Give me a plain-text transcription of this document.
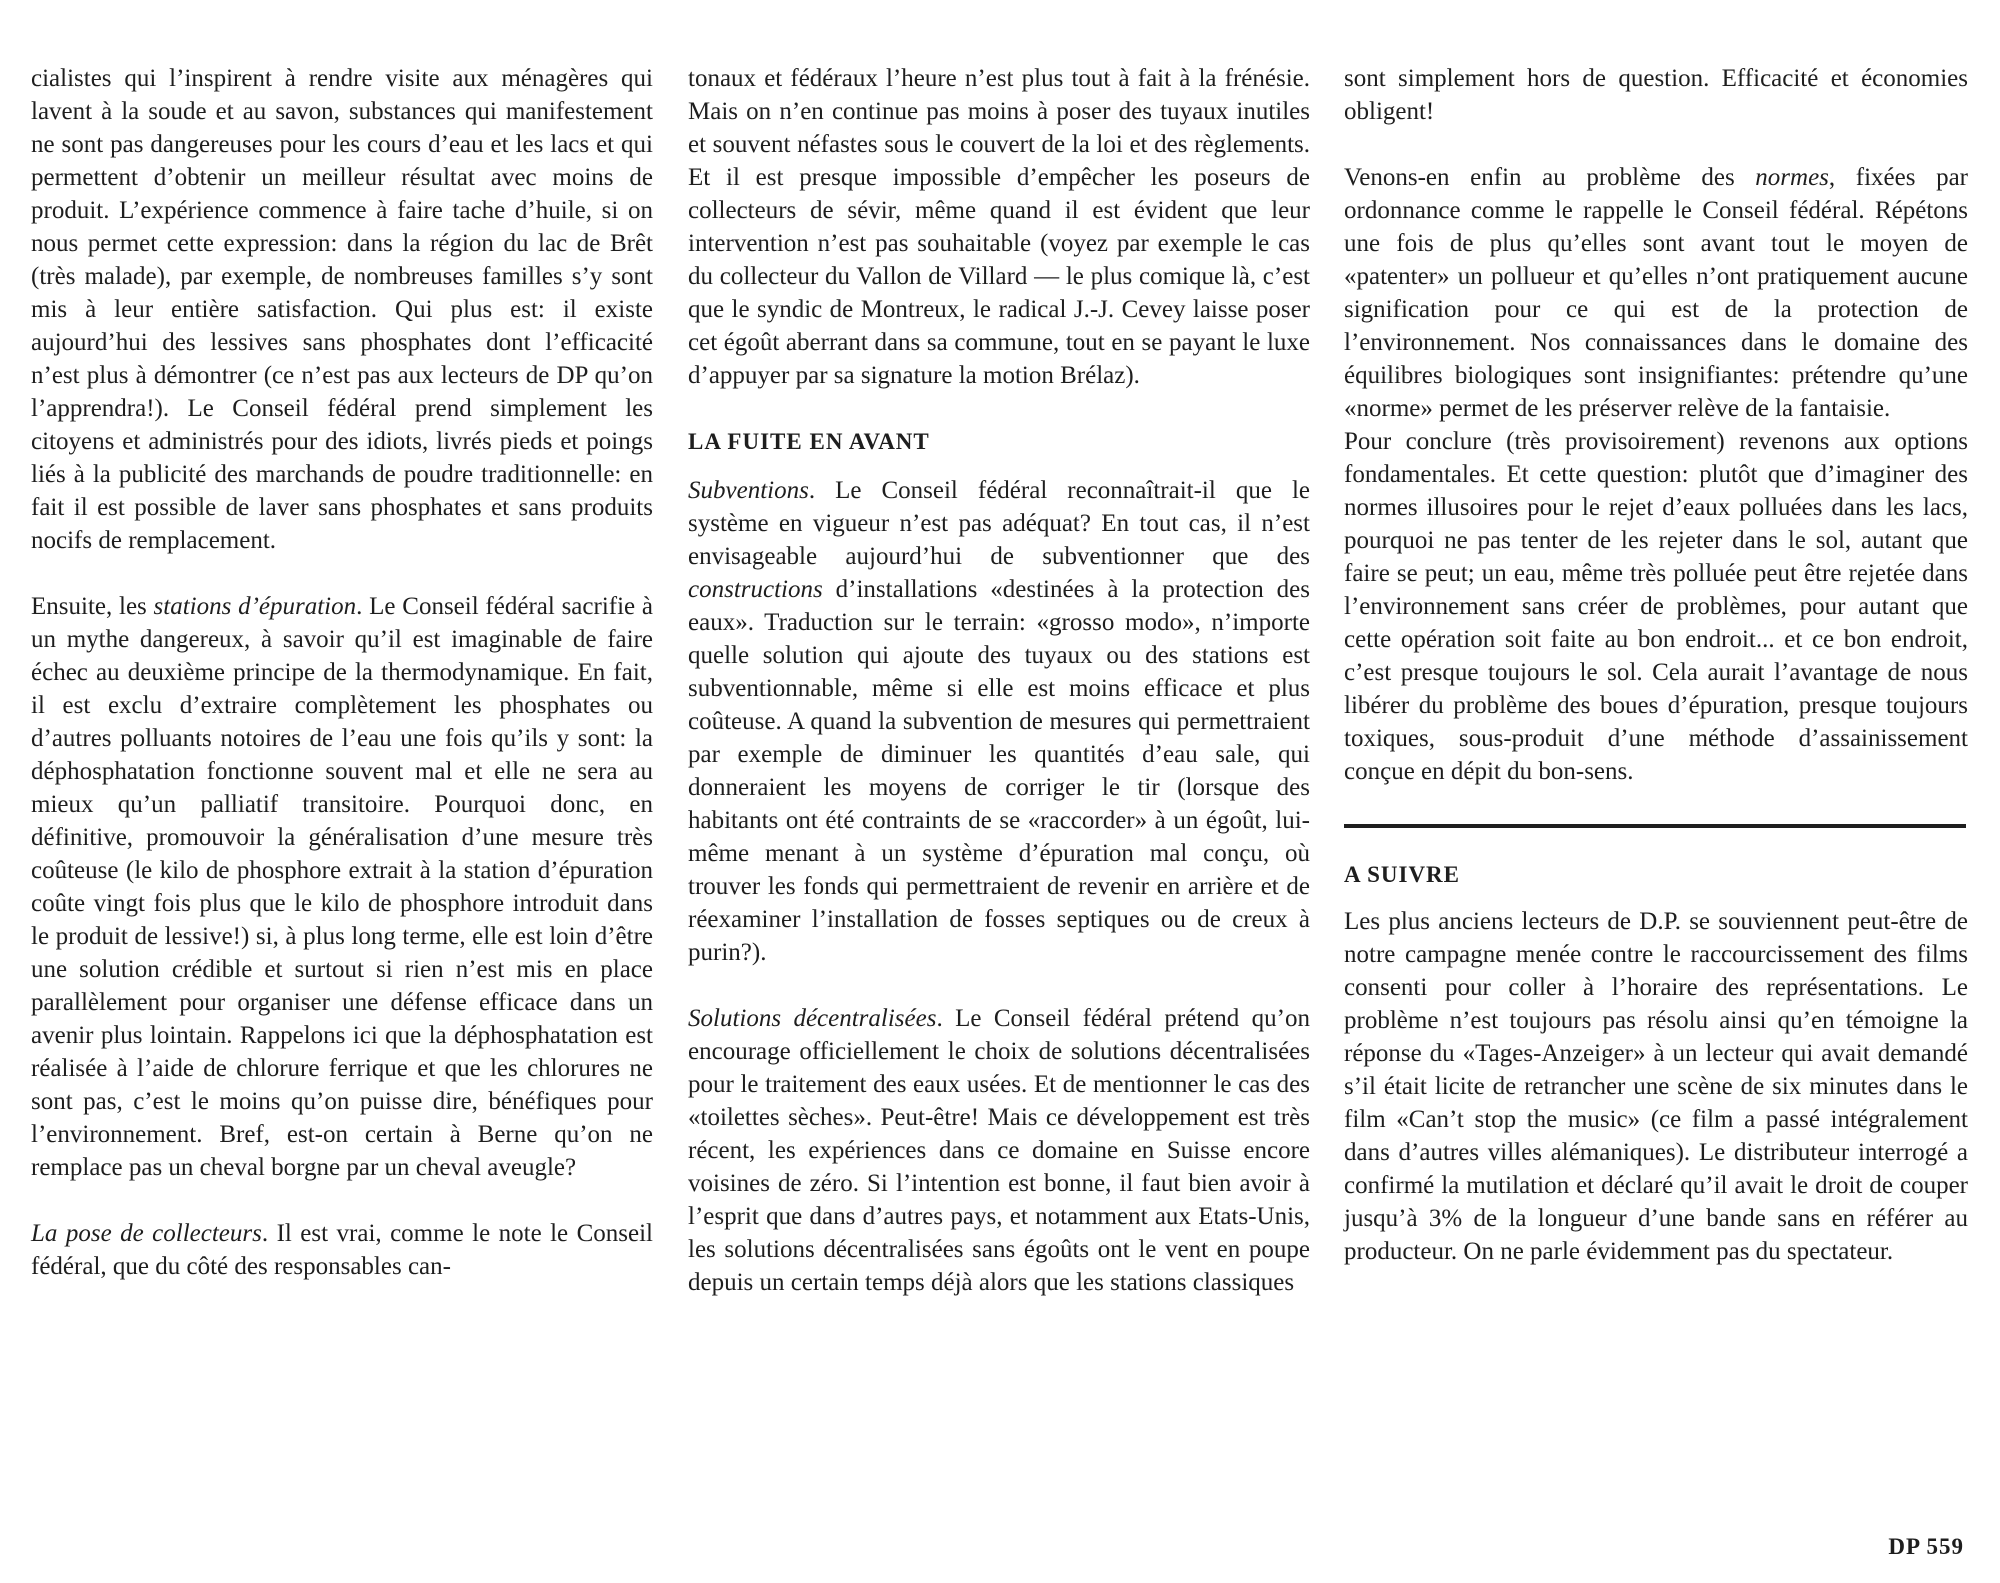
cialistes qui l’inspirent à rendre visite aux ménagères qui lavent à la soude et au savon, substances qui manifestement ne sont pas dangereuses pour les cours d’eau et les lacs et qui permettent d’obtenir un meilleur résultat avec moins de produit. L’expérience commence à faire tache d’huile, si on nous permet cette expression: dans la région du lac de Brêt (très malade), par exemple, de nombreuses familles s’y sont mis à leur entière satisfaction. Qui plus est: il existe aujourd’hui des lessives sans phosphates dont l’efficacité n’est plus à démontrer (ce n’est pas aux lecteurs de DP qu’on l’apprendra!). Le Conseil fédéral prend simplement les citoyens et administrés pour des idiots, livrés pieds et poings liés à la publicité des marchands de poudre traditionnelle: en fait il est possible de laver sans phosphates et sans produits nocifs de remplacement.

Ensuite, les stations d’épuration. Le Conseil fédéral sacrifie à un mythe dangereux, à savoir qu’il est imaginable de faire échec au deuxième principe de la thermodynamique. En fait, il est exclu d’extraire complètement les phosphates ou d’autres polluants notoires de l’eau une fois qu’ils y sont: la déphosphatation fonctionne souvent mal et elle ne sera au mieux qu’un palliatif transitoire. Pourquoi donc, en définitive, promouvoir la généralisation d’une mesure très coûteuse (le kilo de phosphore extrait à la station d’épuration coûte vingt fois plus que le kilo de phosphore introduit dans le produit de lessive!) si, à plus long terme, elle est loin d’être une solution crédible et surtout si rien n’est mis en place parallèlement pour organiser une défense efficace dans un avenir plus lointain. Rappelons ici que la déphosphatation est réalisée à l’aide de chlorure ferrique et que les chlorures ne sont pas, c’est le moins qu’on puisse dire, bénéfiques pour l’environnement. Bref, est-on certain à Berne qu’on ne remplace pas un cheval borgne par un cheval aveugle?

La pose de collecteurs. Il est vrai, comme le note le Conseil fédéral, que du côté des responsables can-

tonaux et fédéraux l’heure n’est plus tout à fait à la frénésie. Mais on n’en continue pas moins à poser des tuyaux inutiles et souvent néfastes sous le couvert de la loi et des règlements. Et il est presque impossible d’empêcher les poseurs de collecteurs de sévir, même quand il est évident que leur intervention n’est pas souhaitable (voyez par exemple le cas du collecteur du Vallon de Villard — le plus comique là, c’est que le syndic de Montreux, le radical J.-J. Cevey laisse poser cet égoût aberrant dans sa commune, tout en se payant le luxe d’appuyer par sa signature la motion Brélaz).

LA FUITE EN AVANT

Subventions. Le Conseil fédéral reconnaîtrait-il que le système en vigueur n’est pas adéquat? En tout cas, il n’est envisageable aujourd’hui de subventionner que des constructions d’installations «destinées à la protection des eaux». Traduction sur le terrain: «grosso modo», n’importe quelle solution qui ajoute des tuyaux ou des stations est subventionnable, même si elle est moins efficace et plus coûteuse. A quand la subvention de mesures qui permettraient par exemple de diminuer les quantités d’eau sale, qui donneraient les moyens de corriger le tir (lorsque des habitants ont été contraints de se «raccorder» à un égoût, lui-même menant à un système d’épuration mal conçu, où trouver les fonds qui permettraient de revenir en arrière et de réexaminer l’installation de fosses septiques ou de creux à purin?).

Solutions décentralisées. Le Conseil fédéral prétend qu’on encourage officiellement le choix de solutions décentralisées pour le traitement des eaux usées. Et de mentionner le cas des «toilettes sèches». Peut-être! Mais ce développement est très récent, les expériences dans ce domaine en Suisse encore voisines de zéro. Si l’intention est bonne, il faut bien avoir à l’esprit que dans d’autres pays, et notamment aux Etats-Unis, les solutions décentralisées sans égoûts ont le vent en poupe depuis un certain temps déjà alors que les stations classiques

sont simplement hors de question. Efficacité et économies obligent!

Venons-en enfin au problème des normes, fixées par ordonnance comme le rappelle le Conseil fédéral. Répétons une fois de plus qu’elles sont avant tout le moyen de «patenter» un pollueur et qu’elles n’ont pratiquement aucune signification pour ce qui est de la protection de l’environnement. Nos connaissances dans le domaine des équilibres biologiques sont insignifiantes: prétendre qu’une «norme» permet de les préserver relève de la fantaisie.

Pour conclure (très provisoirement) revenons aux options fondamentales. Et cette question: plutôt que d’imaginer des normes illusoires pour le rejet d’eaux polluées dans les lacs, pourquoi ne pas tenter de les rejeter dans le sol, autant que faire se peut; un eau, même très polluée peut être rejetée dans l’environnement sans créer de problèmes, pour autant que cette opération soit faite au bon endroit... et ce bon endroit, c’est presque toujours le sol. Cela aurait l’avantage de nous libérer du problème des boues d’épuration, presque toujours toxiques, sous-produit d’une méthode d’assainissement conçue en dépit du bon-sens.

A SUIVRE

Les plus anciens lecteurs de D.P. se souviennent peut-être de notre campagne menée contre le raccourcissement des films consenti pour coller à l’horaire des représentations. Le problème n’est toujours pas résolu ainsi qu’en témoigne la réponse du «Tages-Anzeiger» à un lecteur qui avait demandé s’il était licite de retrancher une scène de six minutes dans le film «Can’t stop the music» (ce film a passé intégralement dans d’autres villes alémaniques). Le distributeur interrogé a confirmé la mutilation et déclaré qu’il avait le droit de couper jusqu’à 3% de la longueur d’une bande sans en référer au producteur. On ne parle évidemment pas du spectateur.

DP 559
